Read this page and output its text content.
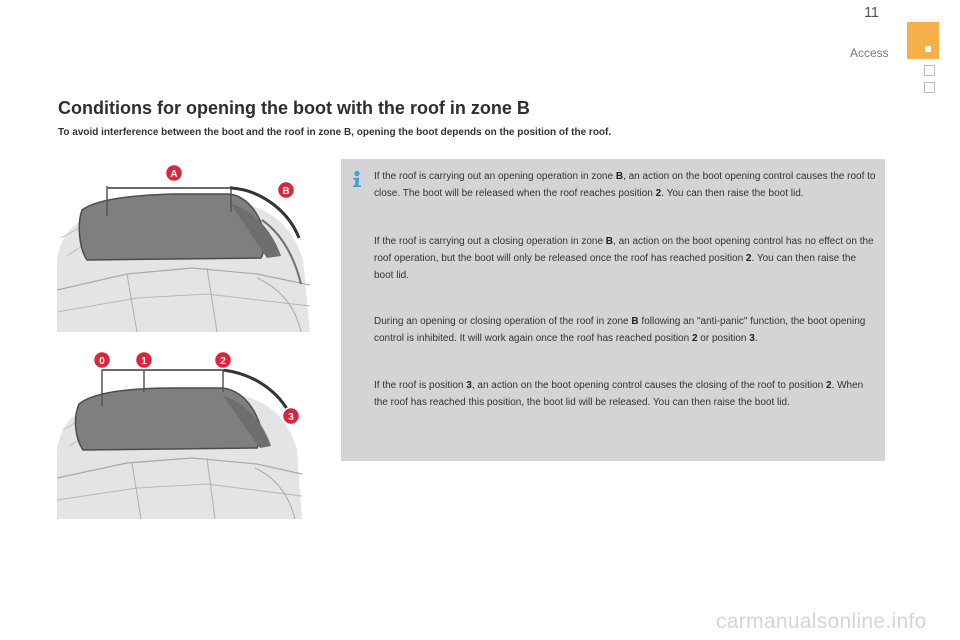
11
Access
Conditions for opening the boot with the roof in zone B

To avoid interference between the boot and the roof in zone B, opening the boot depends on the position of the roof.

A
B
0	1	2
3

If the roof is carrying out an opening operation in zone B, an action on the boot opening control causes the roof to close. The boot will be released when the roof reaches position 2. You can then raise the boot lid.

If the roof is carrying out a closing operation in zone B, an action on the boot opening control has no effect on the roof operation, but the boot will only be released once the roof has reached position 2. You can then raise the boot lid.

During an opening or closing operation of the roof in zone B following an "anti-panic" function, the boot opening control is inhibited. It will work again once the roof has reached position 2 or position 3.

If the roof is position 3, an action on the boot opening control causes the closing of the roof to position 2. When the roof has reached this position, the boot lid will be released. You can then raise the boot lid.

carmanualsonline.info
